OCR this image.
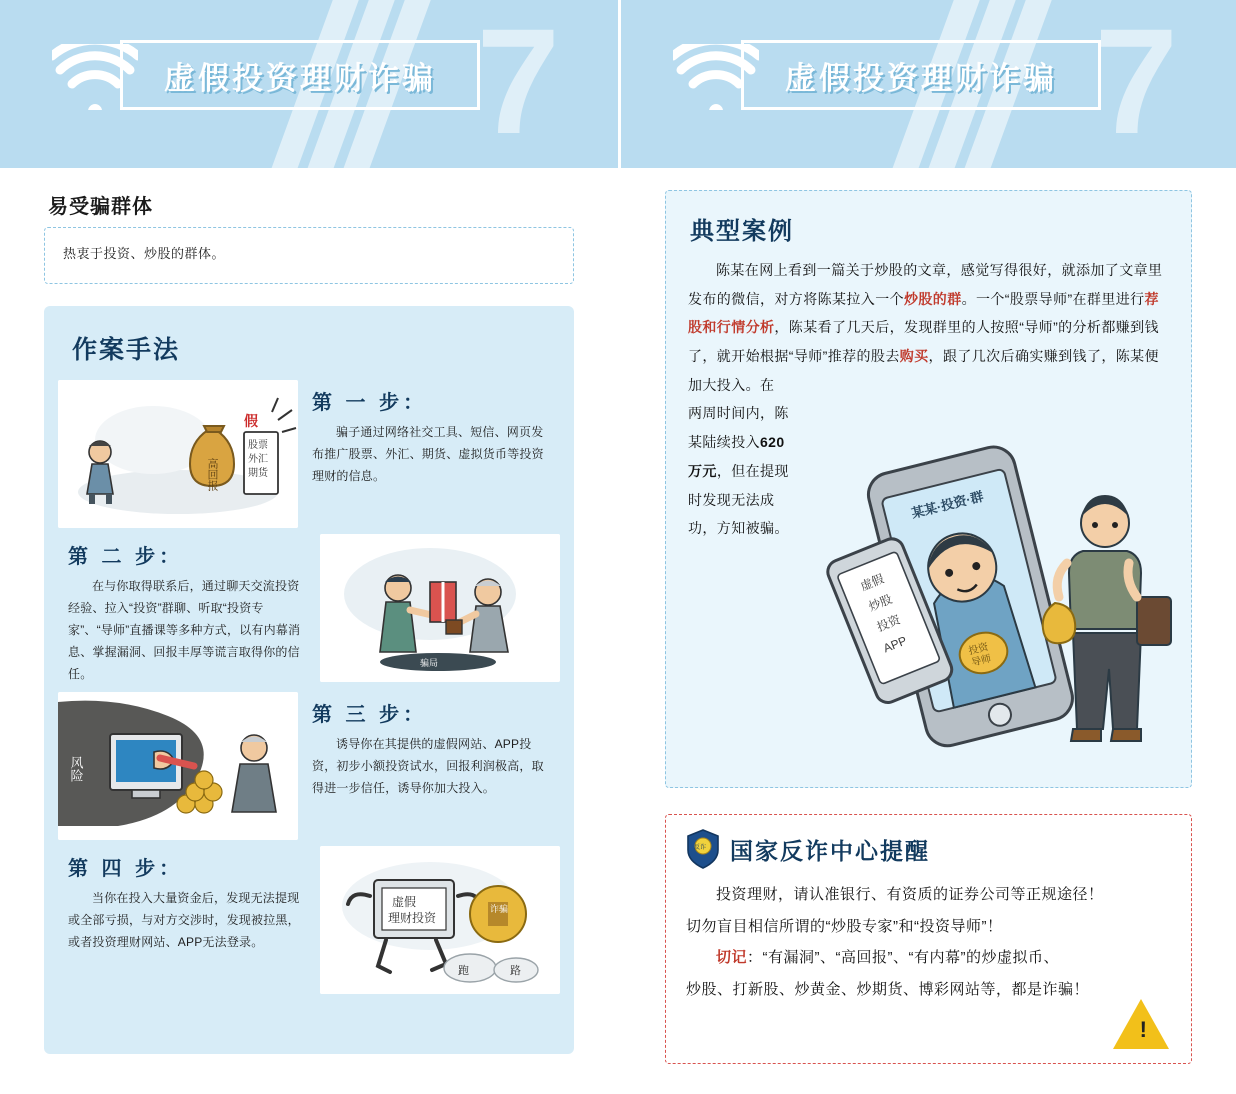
7
虚假投资理财诈骗
易受骗群体
热衷于投资、炒股的群体。
作案手法
高回报
股票
外汇
期货
假
第 一 步：
骗子通过网络社交工具、短信、网页发布推广股票、外汇、期货、虚拟货币等投资理财的信息。
骗局
第 二 步：
在与你取得联系后，通过聊天交流投资经验、拉入“投资”群聊、听取“投资专家”、“导师”直播课等多种方式，以有内幕消息、掌握漏洞、回报丰厚等谎言取得你的信任。
风险
第 三 步：
诱导你在其提供的虚假网站、APP投资，初步小额投资试水，回报利润极高，取得进一步信任，诱导你加大投入。
虚假
理财投资
诈骗
跑	路
第 四 步：
当你在投入大量资金后，发现无法提现或全部亏损，与对方交涉时，发现被拉黑，或者投资理财网站、APP无法登录。
7
虚假投资理财诈骗
典型案例
陈某在网上看到一篇关于炒股的文章，感觉写得很好，就添加了文章里发布的微信，对方将陈某拉入一个炒股的群。一个“股票导师”在群里进行荐股和行情分析，陈某看了几天后，发现群里的人按照“导师”的分析都赚到钱了，就开始根据“导师”推荐的股去购买，跟了几次后确实赚到钱了，陈某便加大投入。在
两周时间内，陈
某陆续投入620
万元，但在提现
时发现无法成
功，方知被骗。
某某·投资·群
投资
导师
虚假
炒股
投资
APP
反诈 国家反诈中心提醒
投资理财，请认准银行、有资质的证券公司等正规途径！
切勿盲目相信所谓的“炒股专家”和“投资导师”！
切记：“有漏洞”、“高回报”、“有内幕”的炒虚拟币、
炒股、打新股、炒黄金、炒期货、博彩网站等，都是诈骗！
!
